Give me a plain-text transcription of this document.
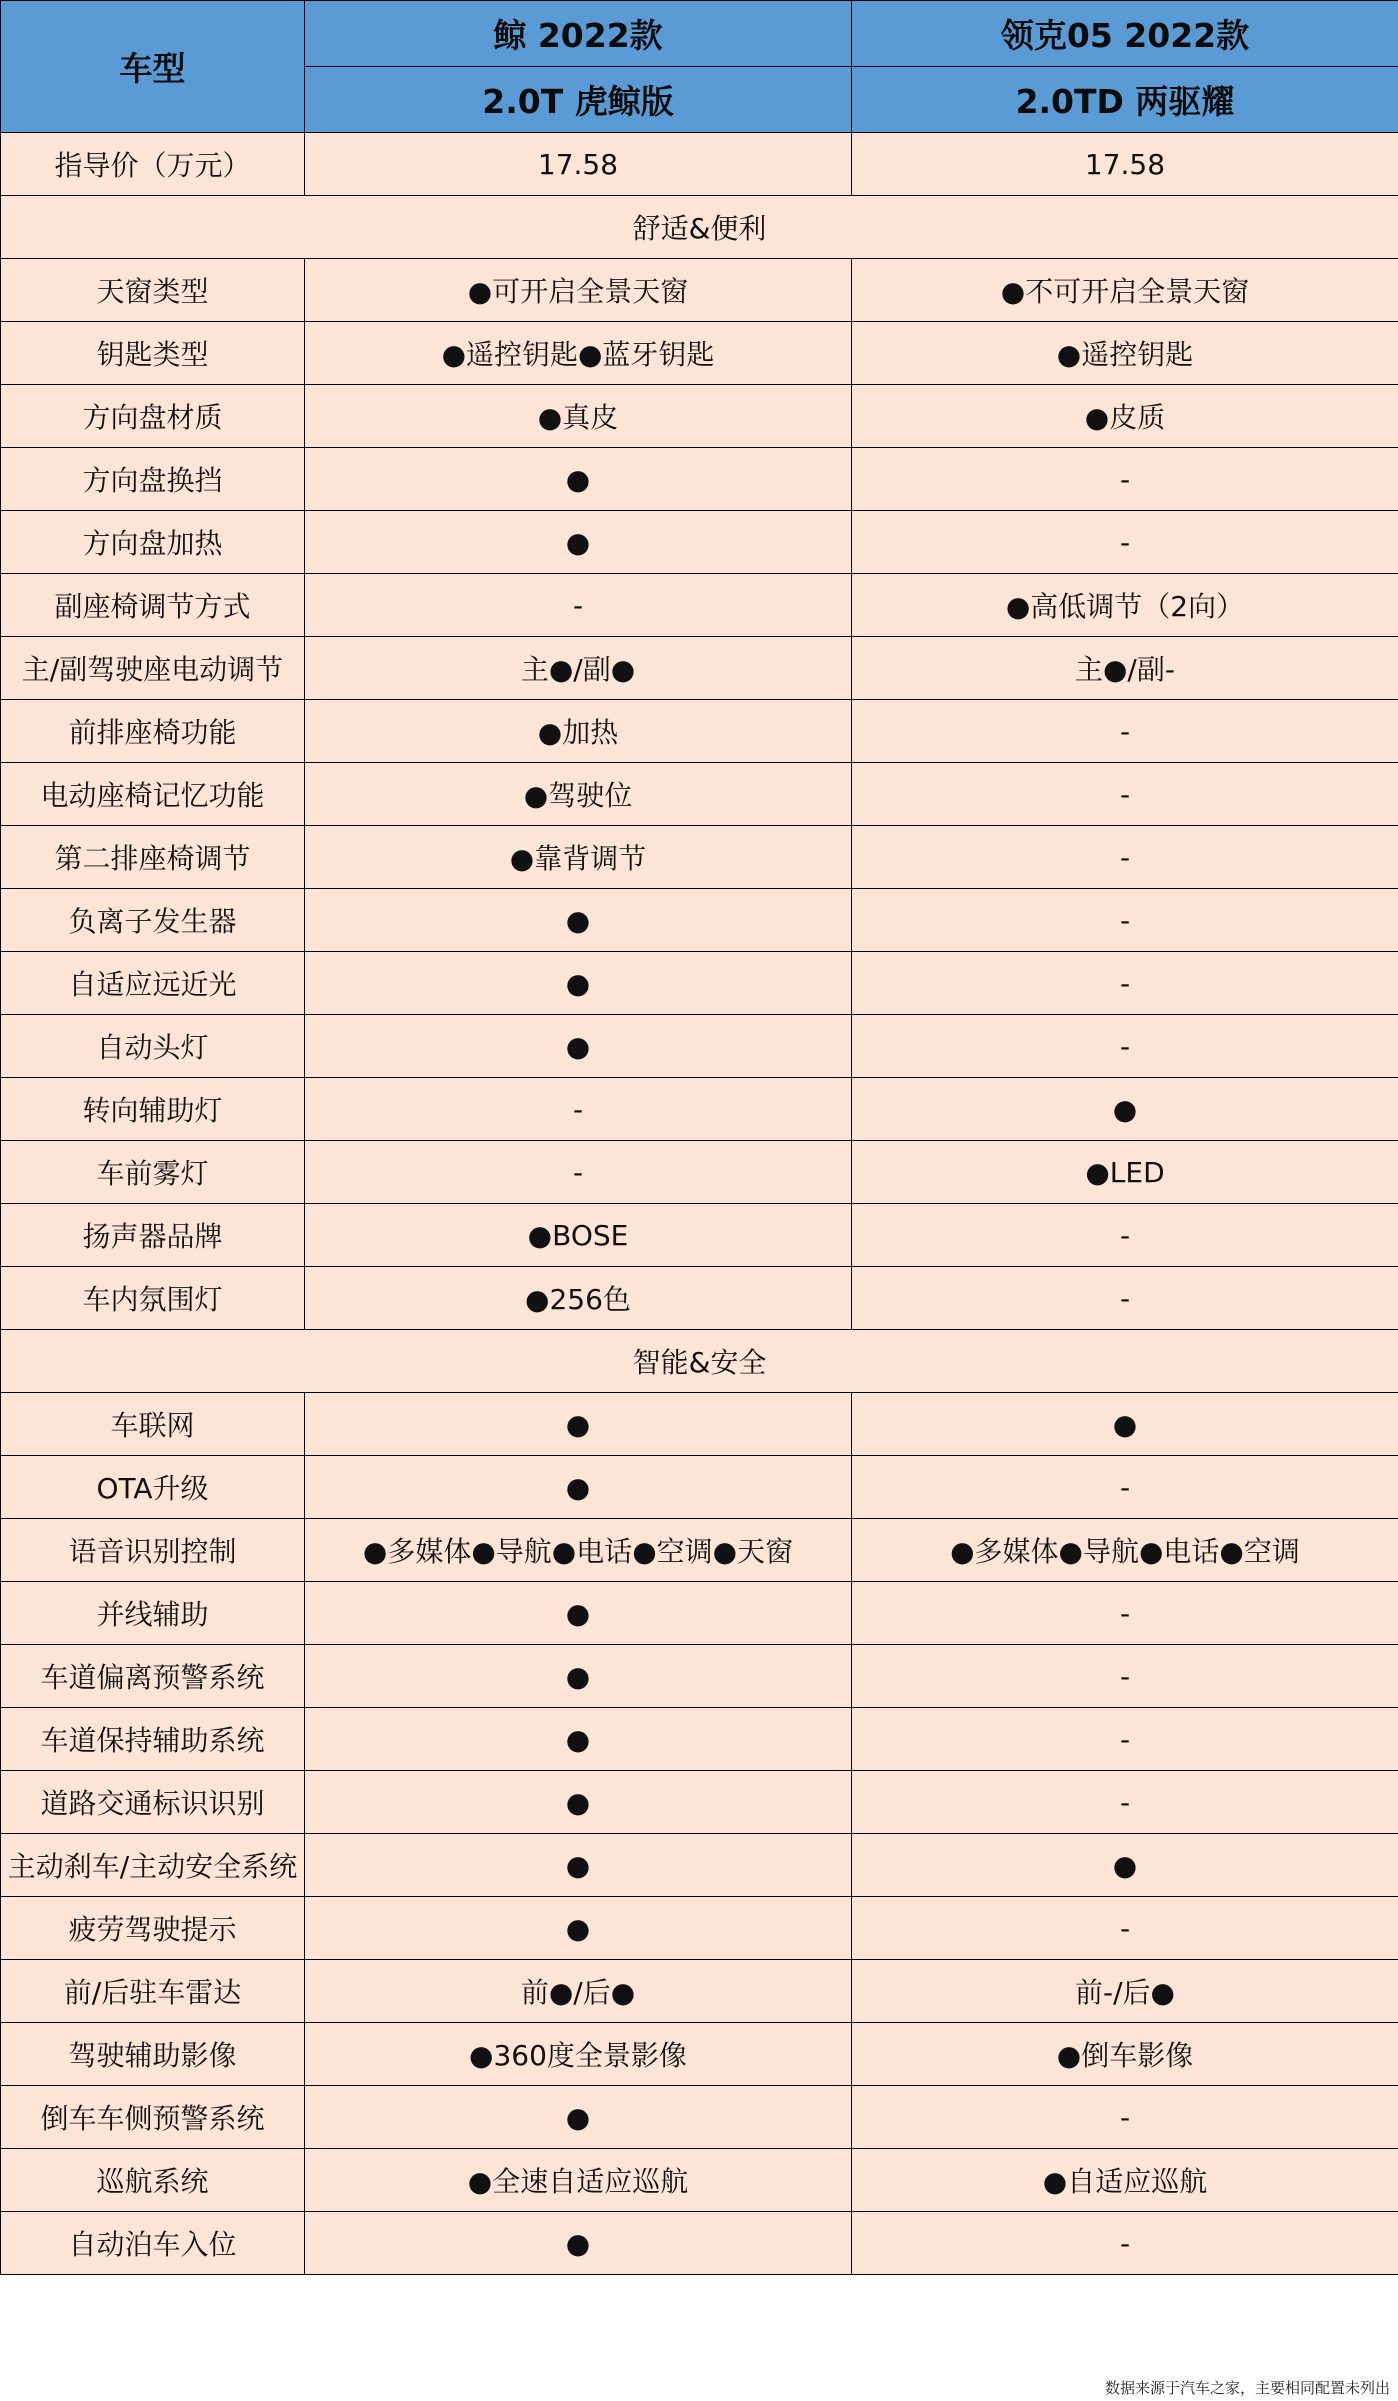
车型	鲸 2022款	领克05 2022款
	2.0T 虎鲸版	2.0TD 两驱耀
指导价（万元）	17.58	17.58
舒适&便利		
天窗类型	●可开启全景天窗	●不可开启全景天窗
钥匙类型	●遥控钥匙●蓝牙钥匙	●遥控钥匙
方向盘材质	●真皮	●皮质
方向盘换挡	●	-
方向盘加热	●	-
副座椅调节方式	-	●高低调节（2向）
主/副驾驶座电动调节	主●/副●	主●/副-
前排座椅功能	●加热	-
电动座椅记忆功能	●驾驶位	-
第二排座椅调节	●靠背调节	-
负离子发生器	●	-
自适应远近光	●	-
自动头灯	●	-
转向辅助灯	-	●
车前雾灯	-	●LED
扬声器品牌	●BOSE	-
车内氛围灯	●256色	-
智能&安全		
车联网	●	●
OTA升级	●	-
语音识别控制	●多媒体●导航●电话●空调●天窗	●多媒体●导航●电话●空调
并线辅助	●	-
车道偏离预警系统	●	-
车道保持辅助系统	●	-
道路交通标识识别	●	-
主动刹车/主动安全系统	●	●
疲劳驾驶提示	●	-
前/后驻车雷达	前●/后●	前-/后●
驾驶辅助影像	●360度全景影像	●倒车影像
倒车车侧预警系统	●	-
巡航系统	●全速自适应巡航	●自适应巡航
自动泊车入位	●	-
数据来源于汽车之家，主要相同配置未列出
